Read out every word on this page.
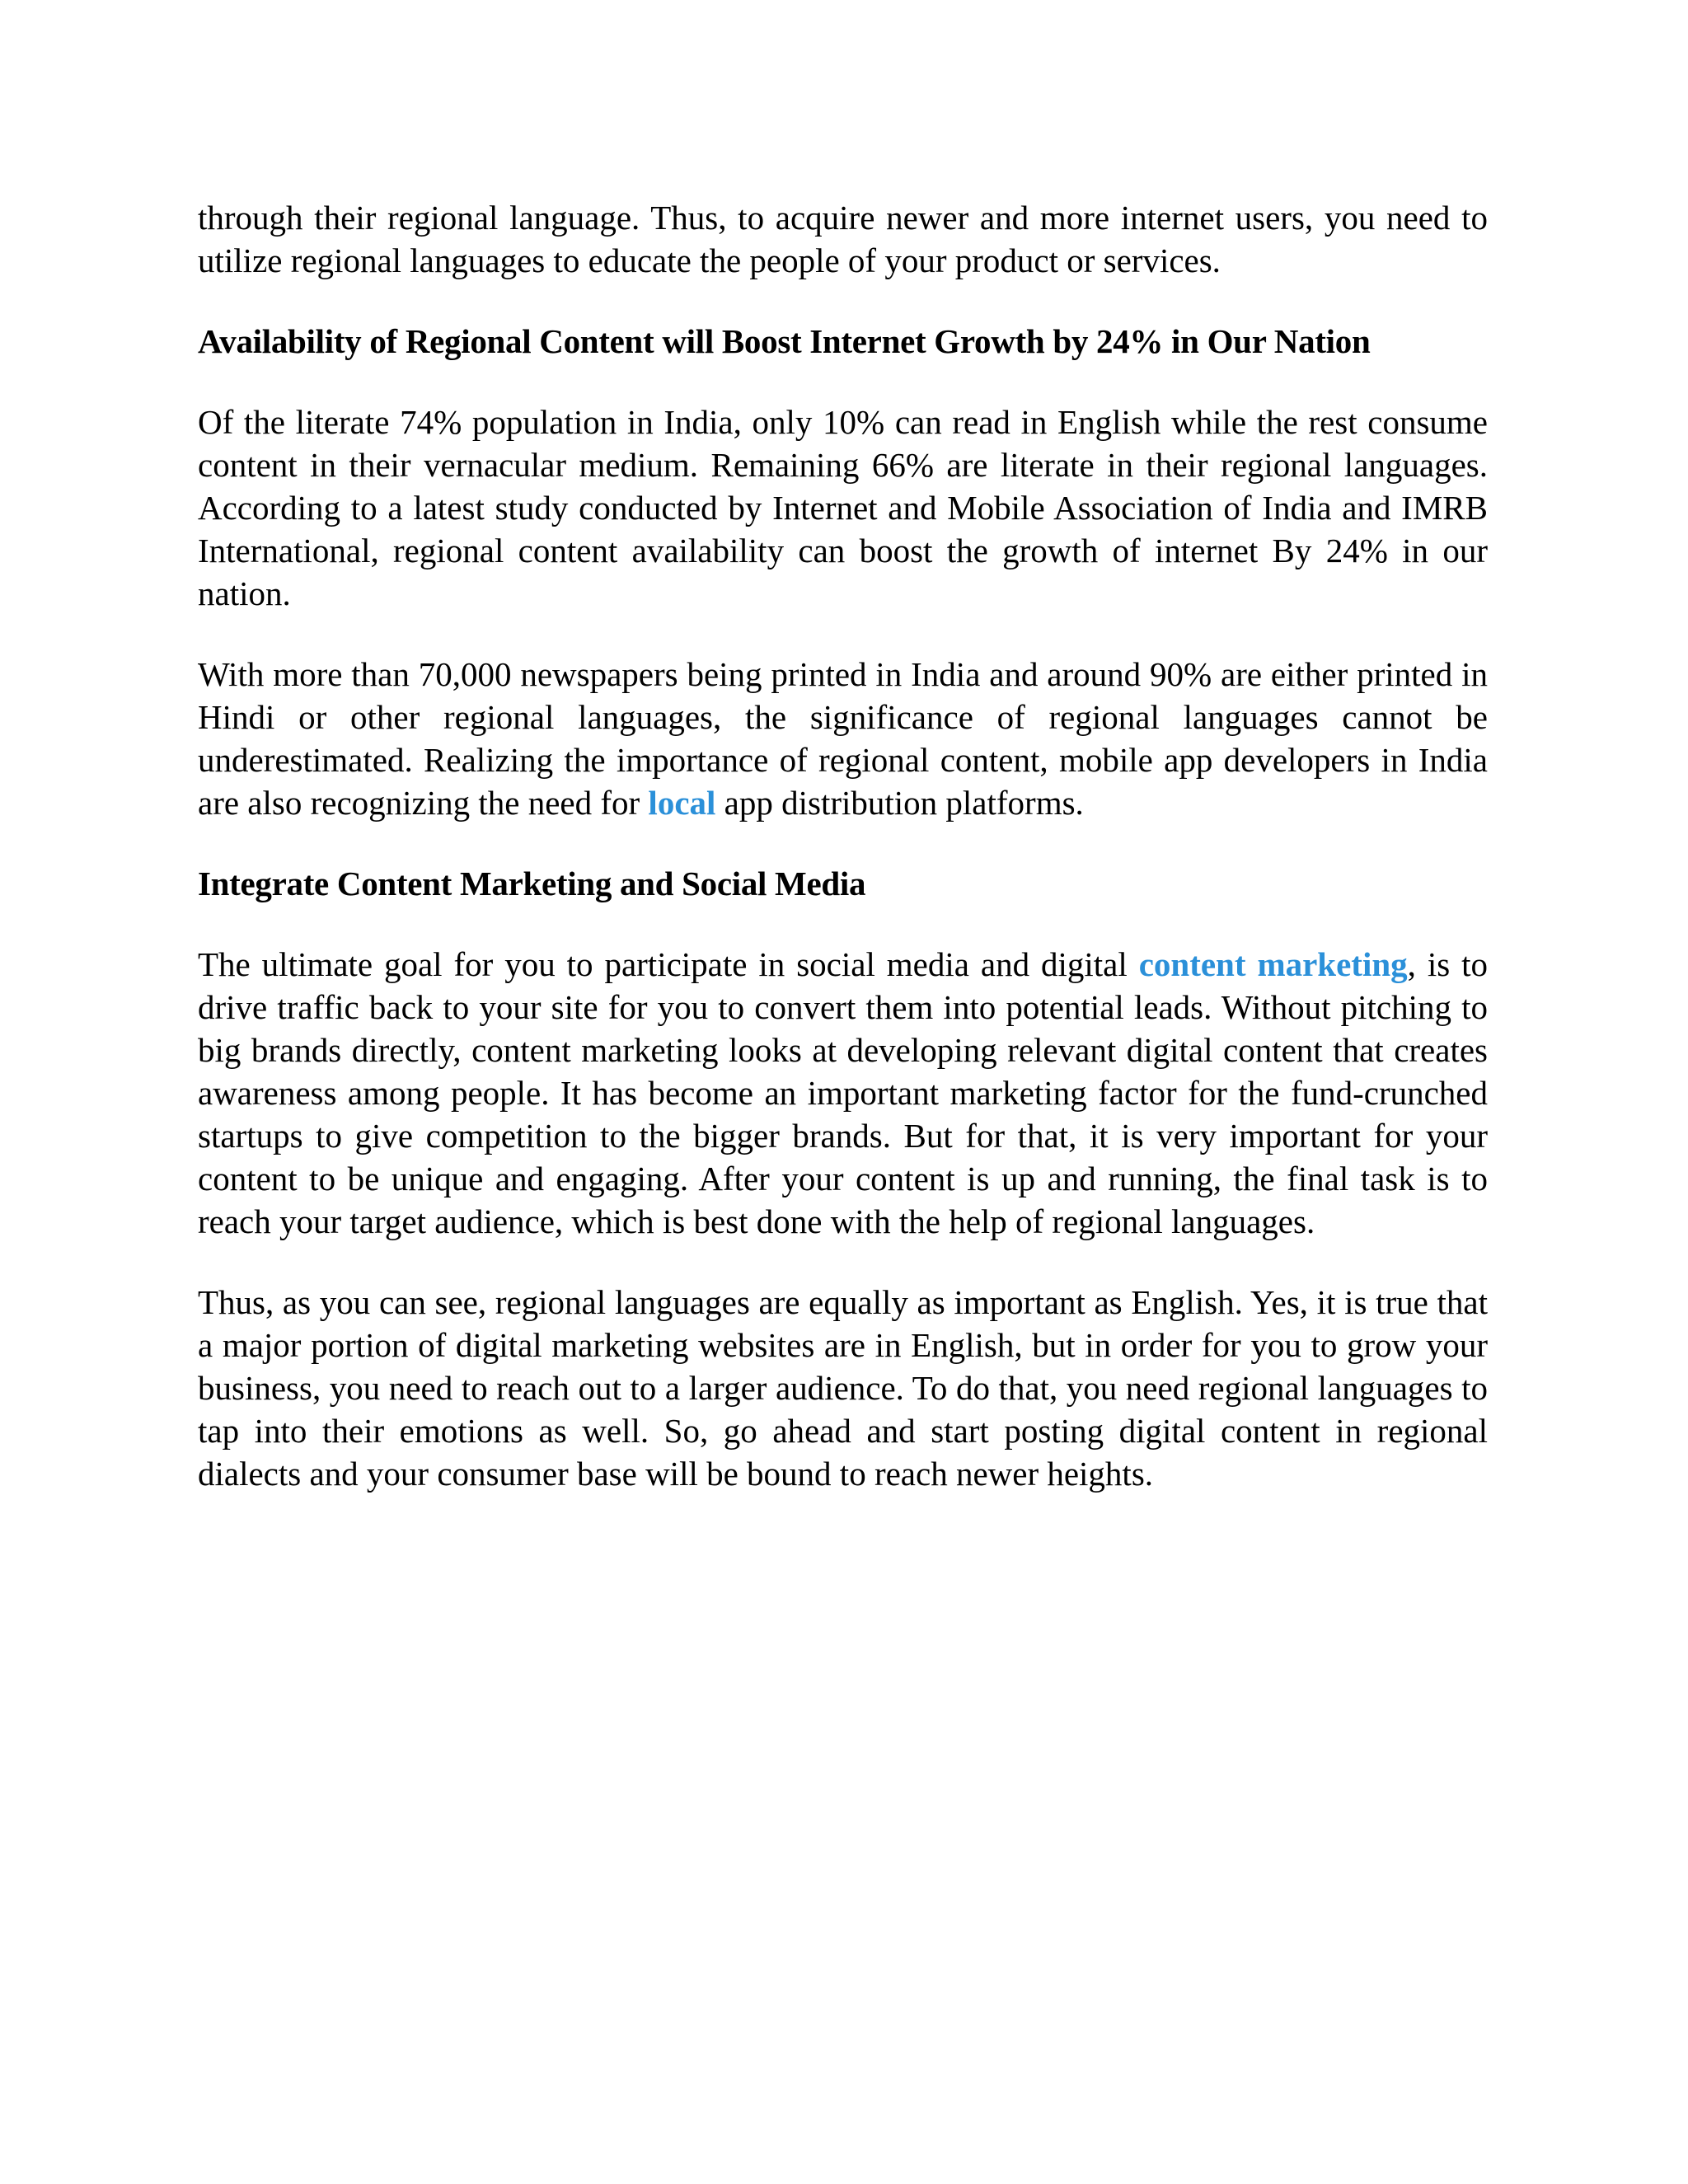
through their regional language. Thus, to acquire newer and more internet users, you need to utilize regional languages to educate the people of your product or services.

Availability of Regional Content will Boost Internet Growth by 24% in Our Nation

Of the literate 74% population in India, only 10% can read in English while the rest consume content in their vernacular medium. Remaining 66% are literate in their regional languages. According to a latest study conducted by Internet and Mobile Association of India and IMRB International, regional content availability can boost the growth of internet By 24% in our nation.

With more than 70,000 newspapers being printed in India and around 90% are either printed in Hindi or other regional languages, the significance of regional languages cannot be underestimated. Realizing the importance of regional content, mobile app developers in India are also recognizing the need for local app distribution platforms.

Integrate Content Marketing and Social Media

The ultimate goal for you to participate in social media and digital content marketing, is to drive traffic back to your site for you to convert them into potential leads. Without pitching to big brands directly, content marketing looks at developing relevant digital content that creates awareness among people. It has become an important marketing factor for the fund-crunched startups to give competition to the bigger brands. But for that, it is very important for your content to be unique and engaging. After your content is up and running, the final task is to reach your target audience, which is best done with the help of regional languages.

Thus, as you can see, regional languages are equally as important as English. Yes, it is true that a major portion of digital marketing websites are in English, but in order for you to grow your business, you need to reach out to a larger audience. To do that, you need regional languages to tap into their emotions as well. So, go ahead and start posting digital content in regional dialects and your consumer base will be bound to reach newer heights.
